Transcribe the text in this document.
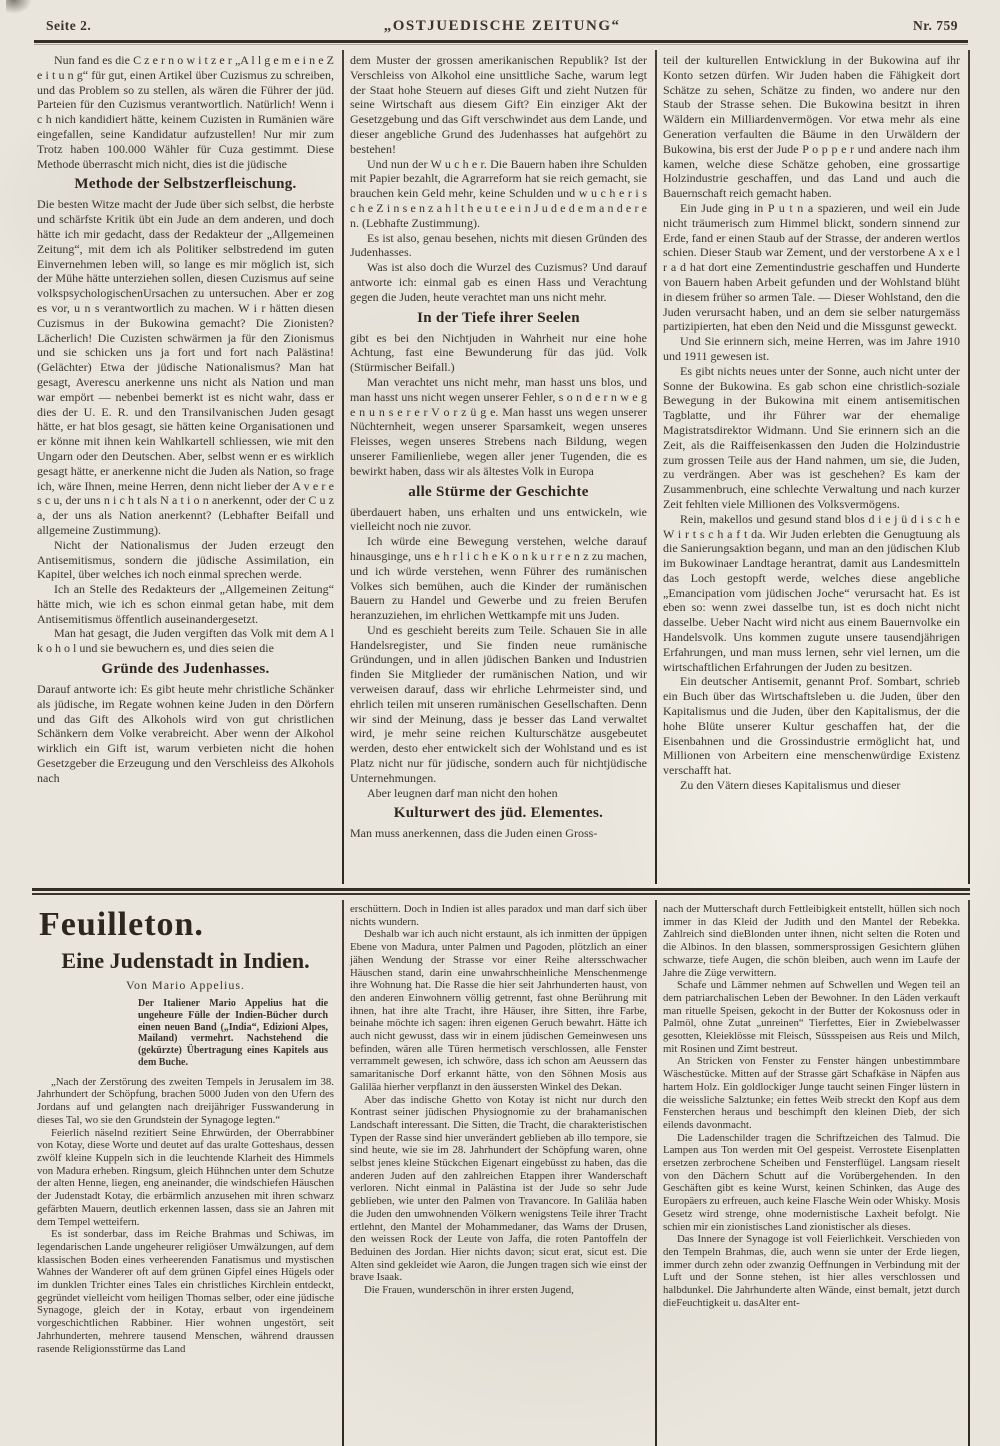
Seite 2.	„OSTJUEDISCHE ZEITUNG“	Nr. 759
Nun fand es die C z e r n o w i t z e r „A l l g e m e i n e Z e i t u n g“ für gut, einen Artikel über Cuzismus zu schreiben, und das Problem so zu stellen, als wären die Führer der jüd. Parteien für den Cuzismus verantwortlich. Natürlich! Wenn i c h nich kandidiert hätte, keinem Cuzisten in Rumänien wäre eingefallen, seine Kandidatur aufzustellen! Nur mir zum Trotz haben 100.000 Wähler für Cuza gestimmt. Diese Methode überrascht mich nicht, dies ist die jüdische
Methode der Selbstzerfleischung.
Die besten Witze macht der Jude über sich selbst, die herbste und schärfste Kritik übt ein Jude an dem anderen, und doch hätte ich mir gedacht, dass der Redakteur der „Allgemeinen Zeitung“, mit dem ich als Politiker selbstredend im guten Einvernehmen leben will, so lange es mir möglich ist, sich der Mühe hätte unterziehen sollen, diesen Cuzismus auf seine volkspsychologischenUrsachen zu untersuchen. Aber er zog es vor, u n s verantwortlich zu machen. W i r hätten diesen Cuzismus in der Bukowina gemacht? Die Zionisten? Lächerlich! Die Cuzisten schwärmen ja für den Zionismus und sie schicken uns ja fort und fort nach Palästina! (Gelächter) Etwa der jüdische Nationalismus? Man hat gesagt, Averescu anerkenne uns nicht als Nation und man war empört — nebenbei bemerkt ist es nicht wahr, dass er dies der U. E. R. und den Transilvanischen Juden gesagt hätte, er hat blos gesagt, sie hätten keine Organisationen und er könne mit ihnen kein Wahlkartell schliessen, wie mit den Ungarn oder den Deutschen. Aber, selbst wenn er es wirklich gesagt hätte, er anerkenne nicht die Juden als Nation, so frage ich, wäre Ihnen, meine Herren, denn nicht lieber der A v e r e s c u, der uns n i c h t als N a t i o n anerkennt, oder der C u z a, der uns als Nation anerkennt? (Lebhafter Beifall und allgemeine Zustimmung).
Nicht der Nationalismus der Juden erzeugt den Antisemitismus, sondern die jüdische Assimilation, ein Kapitel, über welches ich noch einmal sprechen werde.
Ich an Stelle des Redakteurs der „Allgemeinen Zeitung“ hätte mich, wie ich es schon einmal getan habe, mit dem Antisemitismus öffentlich auseinandergesetzt.
Man hat gesagt, die Juden vergiften das Volk mit dem A l k o h o l und sie bewuchern es, und dies seien die
Gründe des Judenhasses.
Darauf antworte ich: Es gibt heute mehr christliche Schänker als jüdische, im Regate wohnen keine Juden in den Dörfern und das Gift des Alkohols wird von gut christlichen Schänkern dem Volke verabreicht. Aber wenn der Alkohol wirklich ein Gift ist, warum verbieten nicht die hohen Gesetzgeber die Erzeugung und den Verschleiss des Alkohols nach
dem Muster der grossen amerikanischen Republik? Ist der Verschleiss von Alkohol eine unsittliche Sache, warum legt der Staat hohe Steuern auf dieses Gift und zieht Nutzen für seine Wirtschaft aus diesem Gift? Ein einziger Akt der Gesetzgebung und das Gift verschwindet aus dem Lande, und dieser angebliche Grund des Judenhasses hat aufgehört zu bestehen!
Und nun der W u c h e r. Die Bauern haben ihre Schulden mit Papier bezahlt, die Agrarreform hat sie reich gemacht, sie brauchen kein Geld mehr, keine Schulden und w u c h e r i s c h e Z i n s e n z a h l t h e u t e e i n J u d e d e m a n d e r e n. (Lebhafte Zustimmung).
Es ist also, genau besehen, nichts mit diesen Gründen des Judenhasses.
Was ist also doch die Wurzel des Cuzismus? Und darauf antworte ich: einmal gab es einen Hass und Verachtung gegen die Juden, heute verachtet man uns nicht mehr.
In der Tiefe ihrer Seelen
gibt es bei den Nichtjuden in Wahrheit nur eine hohe Achtung, fast eine Bewunderung für das jüd. Volk (Stürmischer Beifall.)
Man verachtet uns nicht mehr, man hasst uns blos, und man hasst uns nicht wegen unserer Fehler, s o n d e r n w e g e n u n s e r e r V o r z ü g e. Man hasst uns wegen unserer Nüchternheit, wegen unserer Sparsamkeit, wegen unseres Fleisses, wegen unseres Strebens nach Bildung, wegen unserer Familienliebe, wegen aller jener Tugenden, die es bewirkt haben, dass wir als ältestes Volk in Europa
alle Stürme der Geschichte
überdauert haben, uns erhalten und uns entwickeln, wie vielleicht noch nie zuvor.
Ich würde eine Bewegung verstehen, welche darauf hinausginge, uns e h r l i c h e K o n k u r r e n z zu machen, und ich würde verstehen, wenn Führer des rumänischen Volkes sich bemühen, auch die Kinder der rumänischen Bauern zu Handel und Gewerbe und zu freien Berufen heranzuziehen, im ehrlichen Wettkampfe mit uns Juden.
Und es geschieht bereits zum Teile. Schauen Sie in alle Handelsregister, und Sie finden neue rumänische Gründungen, und in allen jüdischen Banken und Industrien finden Sie Mitglieder der rumänischen Nation, und wir verweisen darauf, dass wir ehrliche Lehrmeister sind, und ehrlich teilen mit unseren rumänischen Gesellschaften. Denn wir sind der Meinung, dass je besser das Land verwaltet wird, je mehr seine reichen Kulturschätze ausgebeutet werden, desto eher entwickelt sich der Wohlstand und es ist Platz nicht nur für jüdische, sondern auch für nichtjüdische Unternehmungen.
Aber leugnen darf man nicht den hohen
Kulturwert des jüd. Elementes.
Man muss anerkennen, dass die Juden einen Gross-
teil der kulturellen Entwicklung in der Bukowina auf ihr Konto setzen dürfen. Wir Juden haben die Fähigkeit dort Schätze zu sehen, Schätze zu finden, wo andere nur den Staub der Strasse sehen. Die Bukowina besitzt in ihren Wäldern ein Milliardenvermögen. Vor etwa mehr als eine Generation verfaulten die Bäume in den Urwäldern der Bukowina, bis erst der Jude P o p p e r und andere nach ihm kamen, welche diese Schätze gehoben, eine grossartige Holzindustrie geschaffen, und das Land und auch die Bauernschaft reich gemacht haben.
Ein Jude ging in P u t n a spazieren, und weil ein Jude nicht träumerisch zum Himmel blickt, sondern sinnend zur Erde, fand er einen Staub auf der Strasse, der anderen wertlos schien. Dieser Staub war Zement, und der verstorbene A x e l r a d hat dort eine Zementindustrie geschaffen und Hunderte von Bauern haben Arbeit gefunden und der Wohlstand blüht in diesem früher so armen Tale. — Dieser Wohlstand, den die Juden verursacht haben, und an dem sie selber naturgemäss partizipierten, hat eben den Neid und die Missgunst geweckt.
Und Sie erinnern sich, meine Herren, was im Jahre 1910 und 1911 gewesen ist.
Es gibt nichts neues unter der Sonne, auch nicht unter der Sonne der Bukowina. Es gab schon eine christlich-soziale Bewegung in der Bukowina mit einem antisemitischen Tagblatte, und ihr Führer war der ehemalige Magistratsdirektor Widmann. Und Sie erinnern sich an die Zeit, als die Raiffeisenkassen den Juden die Holzindustrie zum grossen Teile aus der Hand nahmen, um sie, die Juden, zu verdrängen. Aber was ist geschehen? Es kam der Zusammenbruch, eine schlechte Verwaltung und nach kurzer Zeit fehlten viele Millionen des Volksvermögens.
Rein, makellos und gesund stand blos d i e j ü d i s c h e W i r t s c h a f t da. Wir Juden erlebten die Genugtuung als die Sanierungsaktion begann, und man an den jüdischen Klub im Bukowinaer Landtage herantrat, damit aus Landesmitteln das Loch gestopft werde, welches diese angebliche „Emancipation vom jüdischen Joche“ verursacht hat. Es ist eben so: wenn zwei dasselbe tun, ist es doch nicht nicht dasselbe. Ueber Nacht wird nicht aus einem Bauernvolke ein Handelsvolk. Uns kommen zugute unsere tausendjährigen Erfahrungen, und man muss lernen, sehr viel lernen, um die wirtschaftlichen Erfahrungen der Juden zu besitzen.
Ein deutscher Antisemit, genannt Prof. Sombart, schrieb ein Buch über das Wirtschaftsleben u. die Juden, über den Kapitalismus und die Juden, über den Kapitalismus, der die hohe Blüte unserer Kultur geschaffen hat, der die Eisenbahnen und die Grossindustrie ermöglicht hat, und Millionen von Arbeitern eine menschenwürdige Existenz verschafft hat.
Zu den Vätern dieses Kapitalismus und dieser
Feuilleton.
Eine Judenstadt in Indien.
Von Mario Appelius.
Der Italiener Mario Appelius hat die ungeheure Fülle der Indien-Bücher durch einen neuen Band („India“, Edizioni Alpes, Mailand) vermehrt. Nachstehend die (gekürzte) Übertragung eines Kapitels aus dem Buche.
„Nach der Zerstörung des zweiten Tempels in Jerusalem im 38. Jahrhundert der Schöpfung, brachen 5000 Juden von den Ufern des Jordans auf und gelangten nach dreijähriger Fusswanderung in dieses Tal, wo sie den Grundstein der Synagoge legten.“
Feierlich näselnd rezitiert Seine Ehrwürden, der Oberrabbiner von Kotay, diese Worte und deutet auf das uralte Gotteshaus, dessen zwölf kleine Kuppeln sich in die leuchtende Klarheit des Himmels von Madura erheben. Ringsum, gleich Hühnchen unter dem Schutze der alten Henne, liegen, eng aneinander, die windschiefen Häuschen der Judenstadt Kotay, die erbärmlich anzusehen mit ihren schwarz gefärbten Mauern, deutlich erkennen lassen, dass sie an Jahren mit dem Tempel wetteifern.
Es ist sonderbar, dass im Reiche Brahmas und Schiwas, im legendarischen Lande ungeheurer religiöser Umwälzungen, auf dem klassischen Boden eines verheerenden Fanatismus und mystischen Wahnes der Wanderer oft auf dem grünen Gipfel eines Hügels oder im dunklen Trichter eines Tales ein christliches Kirchlein entdeckt, gegründet vielleicht vom heiligen Thomas selber, oder eine jüdische Synagoge, gleich der in Kotay, erbaut von irgendeinem vorgeschichtlichen Rabbiner. Hier wohnen ungestört, seit Jahrhunderten, mehrere tausend Menschen, während draussen rasende Religionsstürme das Land
erschüttern. Doch in Indien ist alles paradox und man darf sich über nichts wundern.
Deshalb war ich auch nicht erstaunt, als ich inmitten der üppigen Ebene von Madura, unter Palmen und Pagoden, plötzlich an einer jähen Wendung der Strasse vor einer Reihe altersschwacher Häuschen stand, darin eine unwahrschheinliche Menschenmenge ihre Wohnung hat. Die Rasse die hier seit Jahrhunderten haust, von den anderen Einwohnern völlig getrennt, fast ohne Berührung mit ihnen, hat ihre alte Tracht, ihre Häuser, ihre Sitten, ihre Farbe, beinahe möchte ich sagen: ihren eigenen Geruch bewahrt. Hätte ich auch nicht gewusst, dass wir in einem jüdischen Gemeinwesen uns befinden, wären alle Türen hermetisch verschlossen, alle Fenster verrammelt gewesen, ich schwöre, dass ich schon am Aeussern das samaritanische Dorf erkannt hätte, von den Söhnen Mosis aus Galiläa hierher verpflanzt in den äussersten Winkel des Dekan.
Aber das indische Ghetto von Kotay ist nicht nur durch den Kontrast seiner jüdischen Physiognomie zu der brahamanischen Landschaft interessant. Die Sitten, die Tracht, die charakteristischen Typen der Rasse sind hier unverändert geblieben ab illo tempore, sie sind heute, wie sie im 28. Jahrhundert der Schöpfung waren, ohne selbst jenes kleine Stückchen Eigenart eingebüsst zu haben, das die anderen Juden auf den zahlreichen Etappen ihrer Wanderschaft verloren. Nicht einmal in Palästina ist der Jude so sehr Jude geblieben, wie unter den Palmen von Travancore. In Galiläa haben die Juden den umwohnenden Völkern wenigstens Teile ihrer Tracht ertlehnt, den Mantel der Mohammedaner, das Wams der Drusen, den weissen Rock der Leute von Jaffa, die roten Pantoffeln der Beduinen des Jordan. Hier nichts davon; sicut erat, sicut est. Die Alten sind gekleidet wie Aaron, die Jungen tragen sich wie einst der brave Isaak.
Die Frauen, wunderschön in ihrer ersten Jugend,
nach der Mutterschaft durch Fettleibigkeit entstellt, hüllen sich noch immer in das Kleid der Judith und den Mantel der Rebekka. Zahlreich sind dieBlonden unter ihnen, nicht selten die Roten und die Albinos. In den blassen, sommersprossigen Gesichtern glühen schwarze, tiefe Augen, die schön bleiben, auch wenn im Laufe der Jahre die Züge verwittern.
Schafe und Lämmer nehmen auf Schwellen und Wegen teil an dem patriarchalischen Leben der Bewohner. In den Läden verkauft man rituelle Speisen, gekocht in der Butter der Kokosnuss oder in Palmöl, ohne Zutat „unreinen“ Tierfettes, Eier in Zwiebelwasser gesotten, Kleieklösse mit Fleisch, Süssspeisen aus Reis und Milch, mit Rosinen und Zimt bestreut.
An Stricken von Fenster zu Fenster hängen unbestimmbare Wäschestücke. Mitten auf der Strasse gärt Schafkäse in Näpfen aus hartem Holz. Ein goldlockiger Junge taucht seinen Finger lüstern in die weissliche Salztunke; ein fettes Weib streckt den Kopf aus dem Fensterchen heraus und beschimpft den kleinen Dieb, der sich eilends davonmacht.
Die Ladenschilder tragen die Schriftzeichen des Talmud. Die Lampen aus Ton werden mit Oel gespeist. Verrostete Eisenplatten ersetzen zerbrochene Scheiben und Fensterflügel. Langsam rieselt von den Dächern Schutt auf die Vorübergehenden. In den Geschäften gibt es keine Wurst, keinen Schinken, das Auge des Europäers zu erfreuen, auch keine Flasche Wein oder Whisky. Mosis Gesetz wird strenge, ohne modernistische Laxheit befolgt. Nie schien mir ein zionistisches Land zionistischer als dieses.
Das Innere der Synagoge ist voll Feierlichkeit. Verschieden von den Tempeln Brahmas, die, auch wenn sie unter der Erde liegen, immer durch zehn oder zwanzig Oeffnungen in Verbindung mit der Luft und der Sonne stehen, ist hier alles verschlossen und halbdunkel. Die Jahrhunderte alten Wände, einst bemalt, jetzt durch dieFeuchtigkeit u. dasAlter ent-
